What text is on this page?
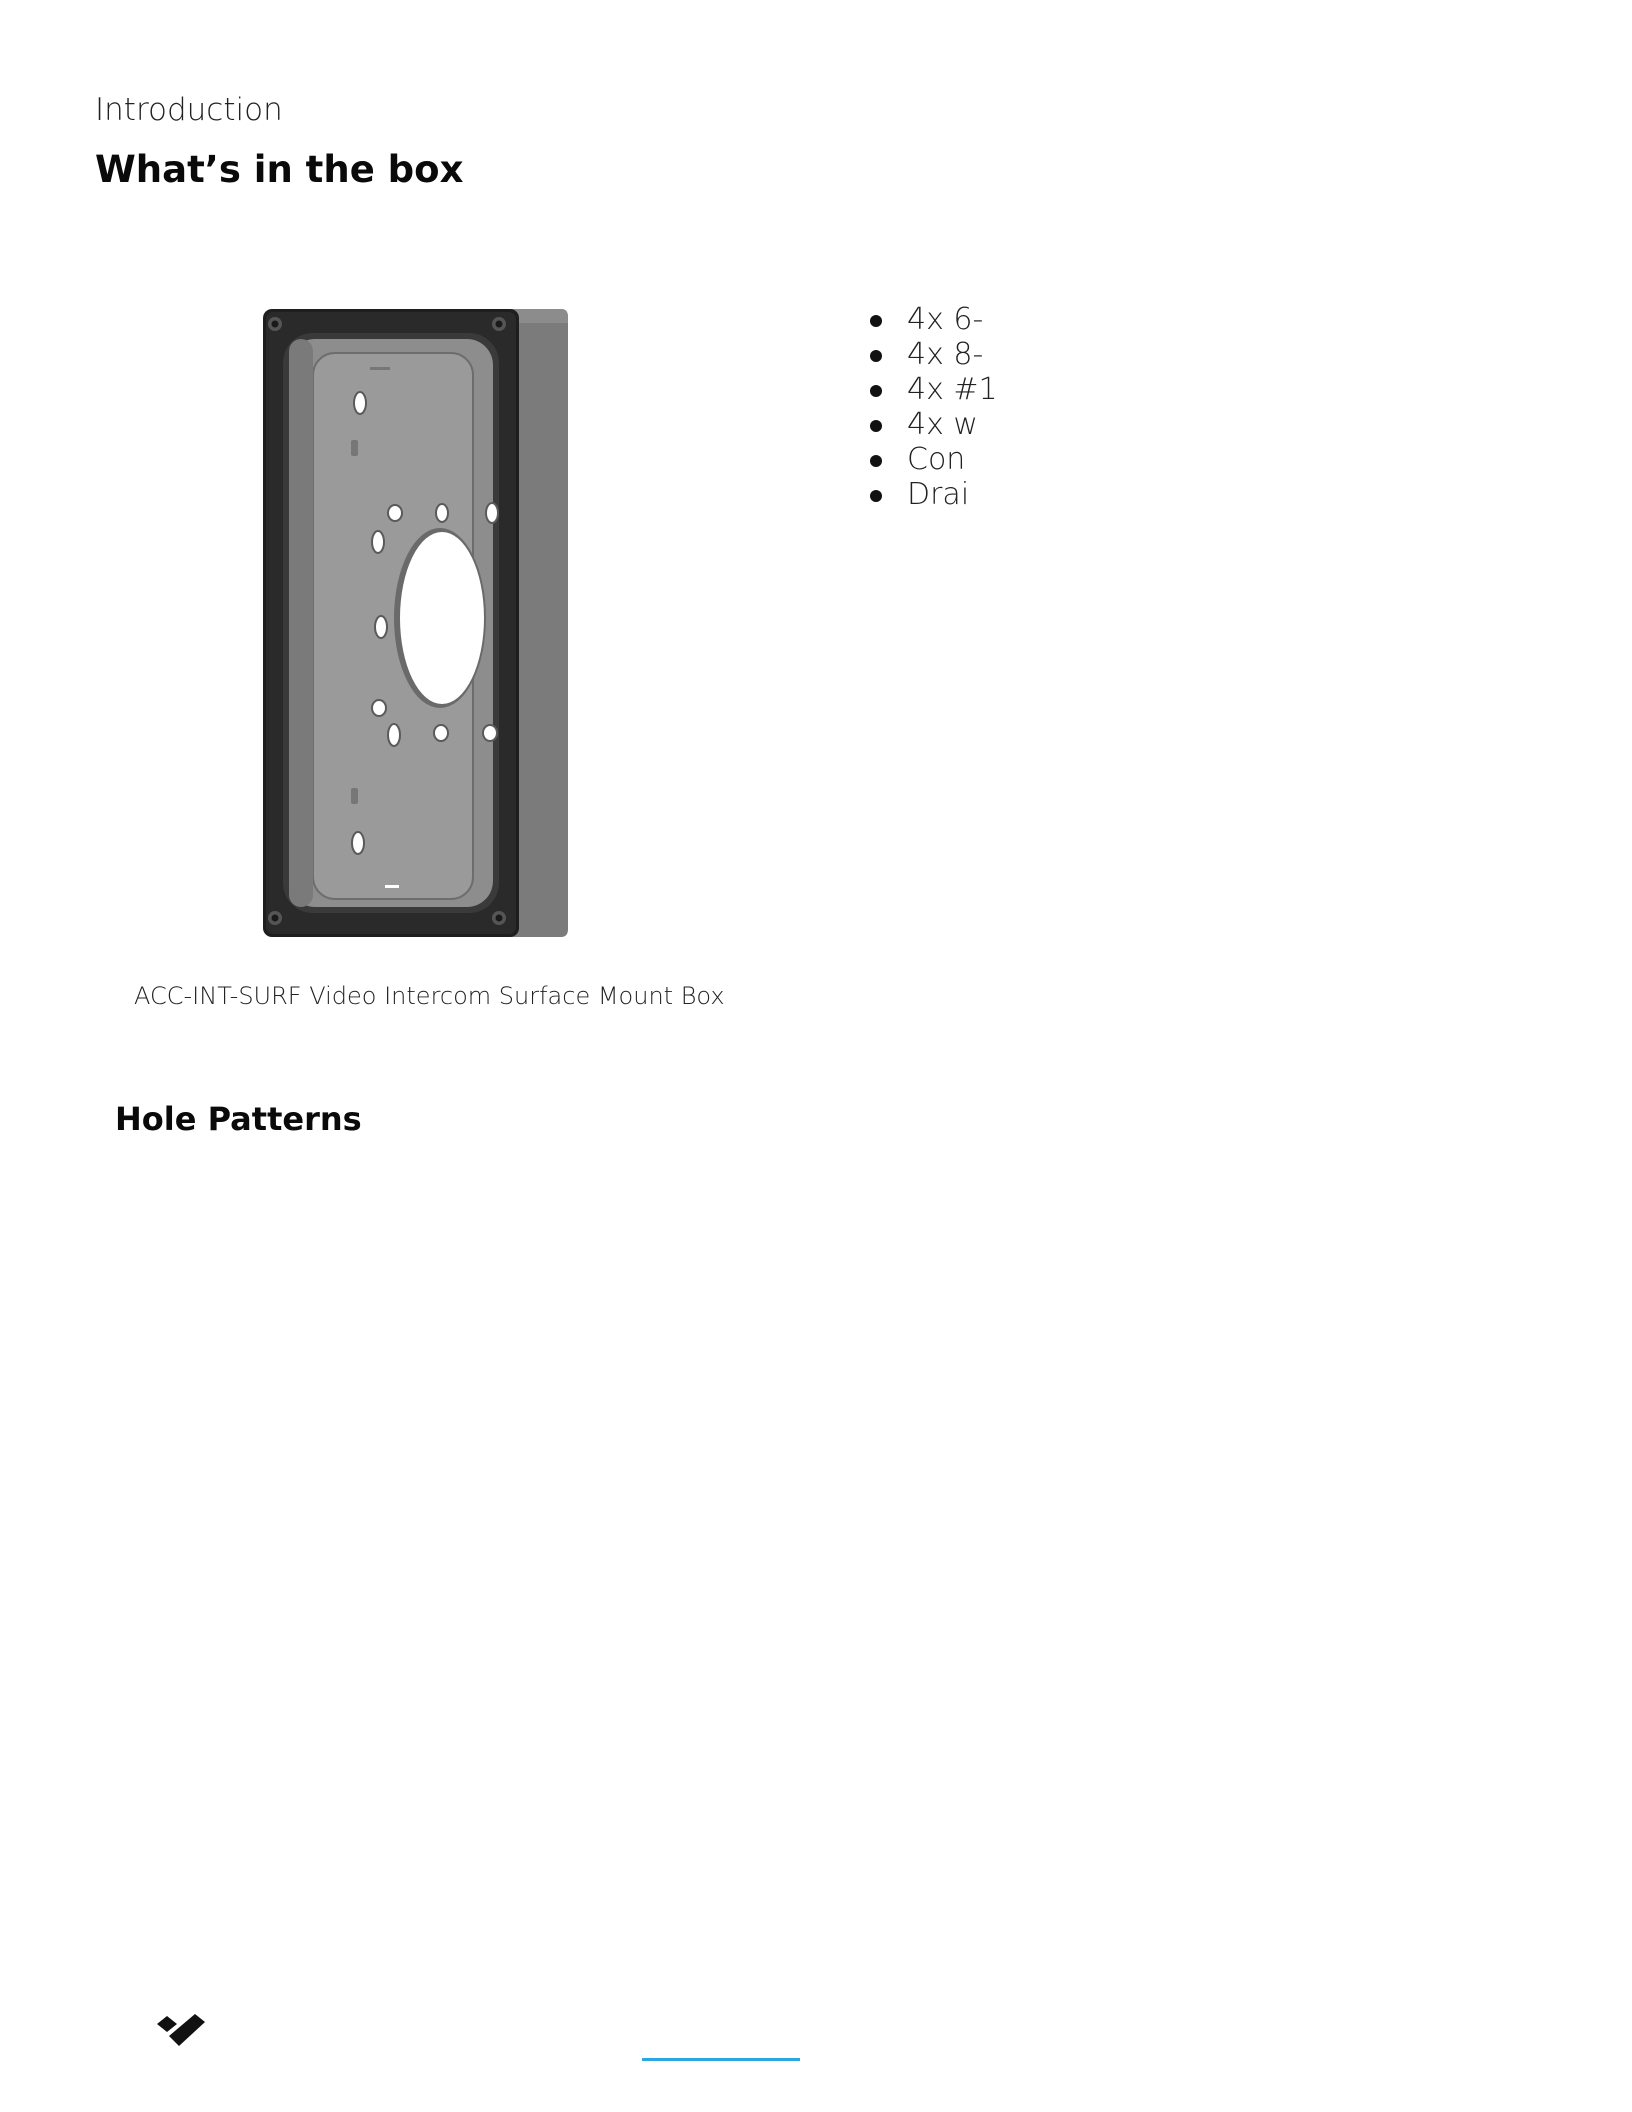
Introduction
What’s in the box
ACC-INT-SURF Video Intercom Surface Mount Box
4x 6-
4x 8-
4x #1
4x w
Con
Drai
Hole Patterns
